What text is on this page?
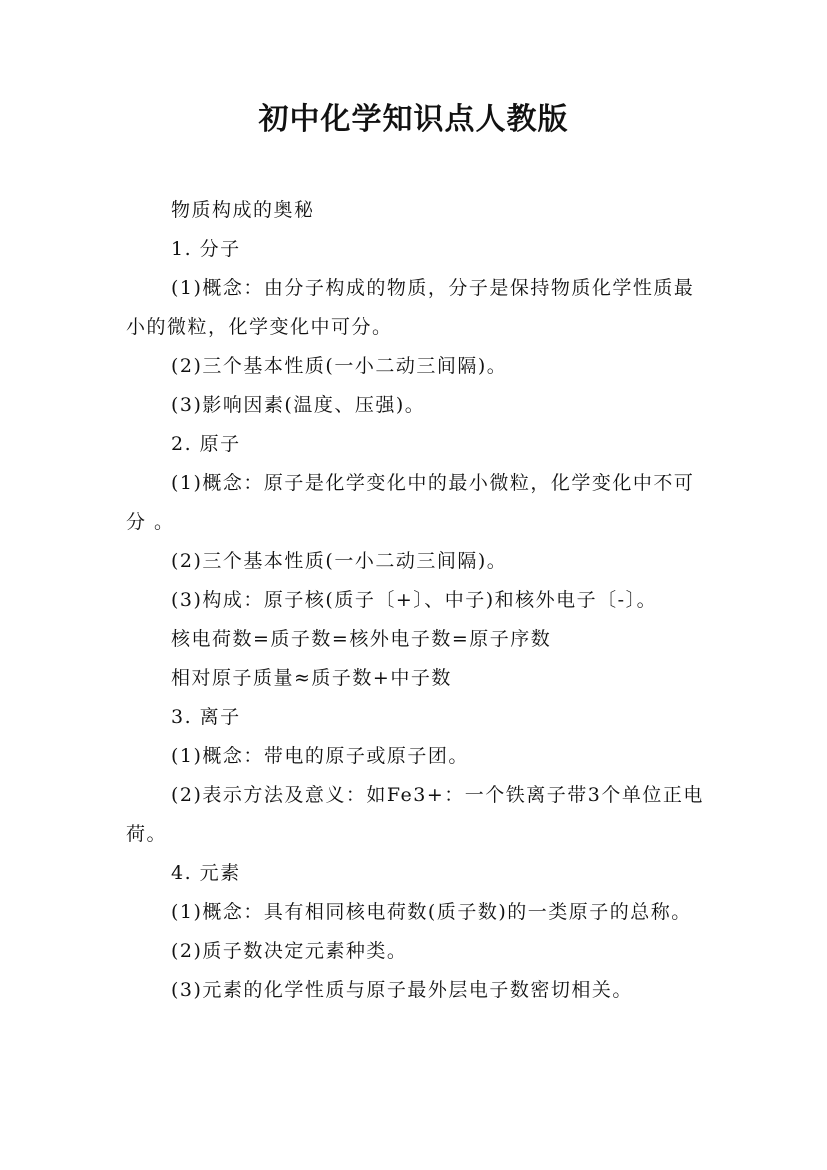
初中化学知识点人教版

物质构成的奥秘

1. 分子

(1)概念：由分子构成的物质，分子是保持物质化学性质最小的微粒，化学变化中可分。

(2)三个基本性质(一小二动三间隔)。

(3)影响因素(温度、压强)。

2. 原子

(1)概念：原子是化学变化中的最小微粒，化学变化中不可分 。

(2)三个基本性质(一小二动三间隔)。

(3)构成：原子核(质子〔+〕、中子)和核外电子〔-〕。

核电荷数=质子数=核外电子数=原子序数

相对原子质量≈质子数+中子数

3. 离子

(1)概念：带电的原子或原子团。

(2)表示方法及意义：如Fe3+：一个铁离子带3个单位正电荷。

4. 元素

(1)概念：具有相同核电荷数(质子数)的一类原子的总称。

(2)质子数决定元素种类。

(3)元素的化学性质与原子最外层电子数密切相关。
